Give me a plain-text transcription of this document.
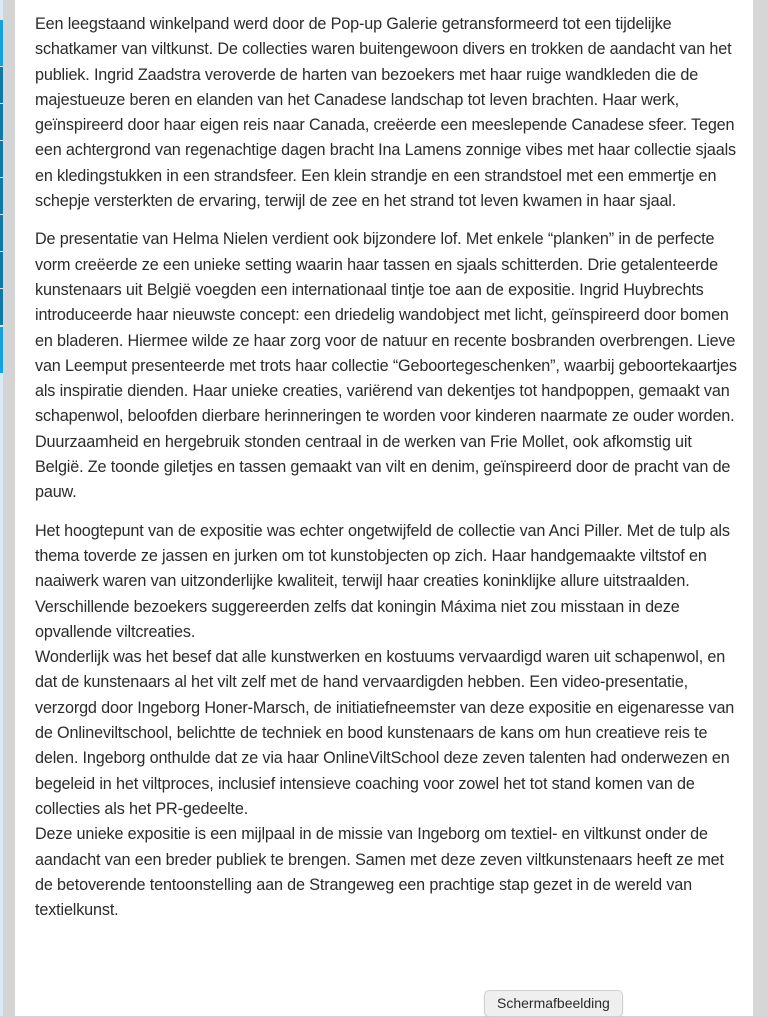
Een leegstaand winkelpand werd door de Pop-up Galerie getransformeerd tot een tijdelijke schatkamer van viltkunst. De collecties waren buitengewoon divers en trokken de aandacht van het publiek. Ingrid Zaadstra veroverde de harten van bezoekers met haar ruige wandkleden die de majestueuze beren en elanden van het Canadese landschap tot leven brachten. Haar werk, geïnspireerd door haar eigen reis naar Canada, creëerde een meeslepende Canadese sfeer. Tegen een achtergrond van regenachtige dagen bracht Ina Lamens zonnige vibes met haar collectie sjaals en kledingstukken in een strandsfeer. Een klein strandje en een strandstoel met een emmertje en schepje versterkten de ervaring, terwijl de zee en het strand tot leven kwamen in haar sjaal.

De presentatie van Helma Nielen verdient ook bijzondere lof. Met enkele “planken” in de perfecte vorm creëerde ze een unieke setting waarin haar tassen en sjaals schitterden. Drie getalenteerde kunstenaars uit België voegden een internationaal tintje toe aan de expositie. Ingrid Huybrechts introduceerde haar nieuwste concept: een driedelig wandobject met licht, geïnspireerd door bomen en bladeren. Hiermee wilde ze haar zorg voor de natuur en recente bosbranden overbrengen. Lieve van Leemput presenteerde met trots haar collectie “Geboortegeschenken”, waarbij geboortekaartjes als inspiratie dienden. Haar unieke creaties, variërend van dekentjes tot handpoppen, gemaakt van schapenwol, beloofden dierbare herinneringen te worden voor kinderen naarmate ze ouder worden.
Duurzaamheid en hergebruik stonden centraal in de werken van Frie Mollet, ook afkomstig uit België. Ze toonde giletjes en tassen gemaakt van vilt en denim, geïnspireerd door de pracht van de pauw.

Het hoogtepunt van de expositie was echter ongetwijfeld de collectie van Anci Piller. Met de tulp als thema toverde ze jassen en jurken om tot kunstobjecten op zich. Haar handgemaakte viltstof en naaiwerk waren van uitzonderlijke kwaliteit, terwijl haar creaties koninklijke allure uitstraalden. Verschillende bezoekers suggereerden zelfs dat koningin Máxima niet zou misstaan in deze opvallende viltcreaties.
Wonderlijk was het besef dat alle kunstwerken en kostuums vervaardigd waren uit schapenwol, en dat de kunstenaars al het vilt zelf met de hand vervaardigden hebben. Een video-presentatie, verzorgd door Ingeborg Honer-Marsch, de initiatiefneemster van deze expositie en eigenaresse van de Onlineviltschool, belichtte de techniek en bood kunstenaars de kans om hun creatieve reis te delen. Ingeborg onthulde dat ze via haar OnlineViltSchool deze zeven talenten had onderwezen en begeleid in het viltproces, inclusief intensieve coaching voor zowel het tot stand komen van de collecties als het PR-gedeelte.
Deze unieke expositie is een mijlpaal in de missie van Ingeborg om textiel- en viltkunst onder de aandacht van een breder publiek te brengen. Samen met deze zeven viltkunstenaars heeft ze met de betoverende tentoonstelling aan de Strangeweg een prachtige stap gezet in de wereld van textielkunst.

Schermafbeelding
